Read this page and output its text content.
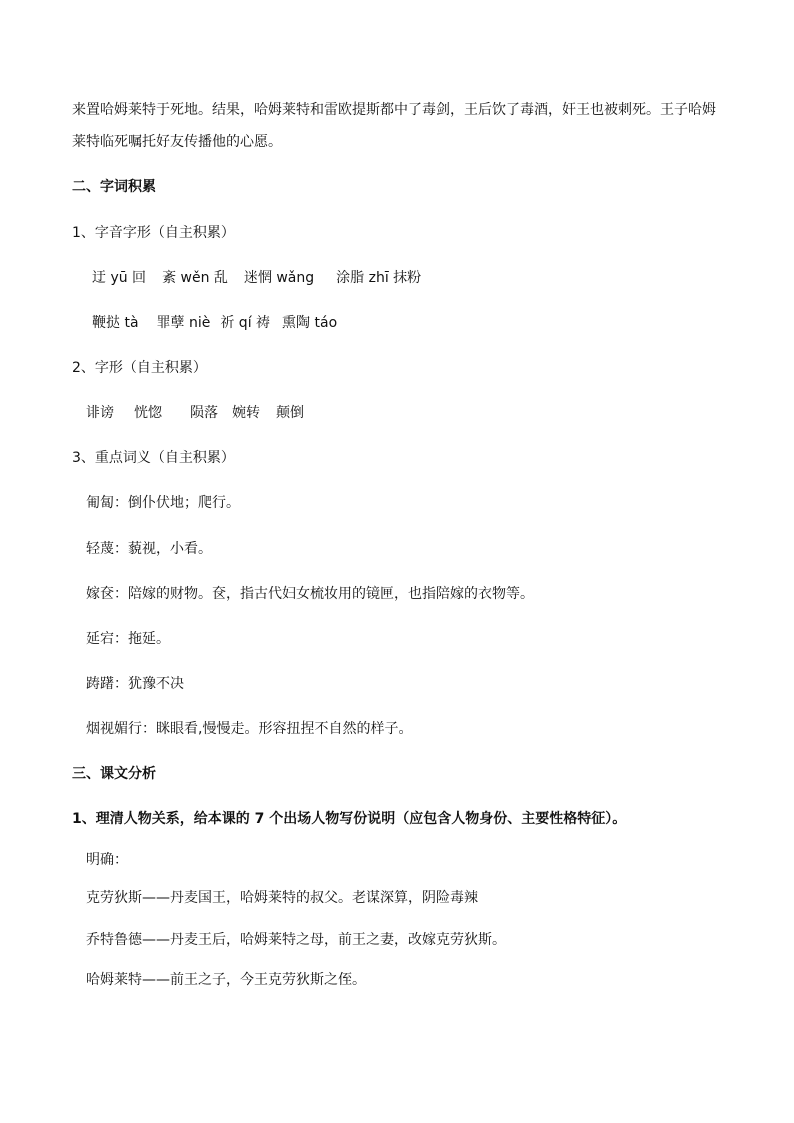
来置哈姆莱特于死地。结果，哈姆莱特和雷欧提斯都中了毒剑，王后饮了毒酒，奸王也被刺死。王子哈姆
莱特临死嘱托好友传播他的心愿。
二、字词积累
1、字音字形（自主积累）
迂 yū 回 紊 wěn 乱 迷惘 wǎng 涂脂 zhī 抹粉
鞭挞 tà 罪孽 niè 祈 qí 祷 熏陶 táo
2、字形（自主积累）
诽谤 恍惚 陨落 婉转 颠倒
3、重点词义（自主积累）
匍匐：倒仆伏地；爬行。
轻蔑：藐视，小看。
嫁奁：陪嫁的财物。奁，指古代妇女梳妆用的镜匣，也指陪嫁的衣物等。
延宕：拖延。
踌躇：犹豫不决
烟视媚行：眯眼看,慢慢走。形容扭捏不自然的样子。
三、课文分析
1、理清人物关系，给本课的 7 个出场人物写份说明（应包含人物身份、主要性格特征）。
明确：
克劳狄斯——丹麦国王，哈姆莱特的叔父。老谋深算，阴险毒辣
乔特鲁德——丹麦王后，哈姆莱特之母，前王之妻，改嫁克劳狄斯。
哈姆莱特——前王之子，今王克劳狄斯之侄。
